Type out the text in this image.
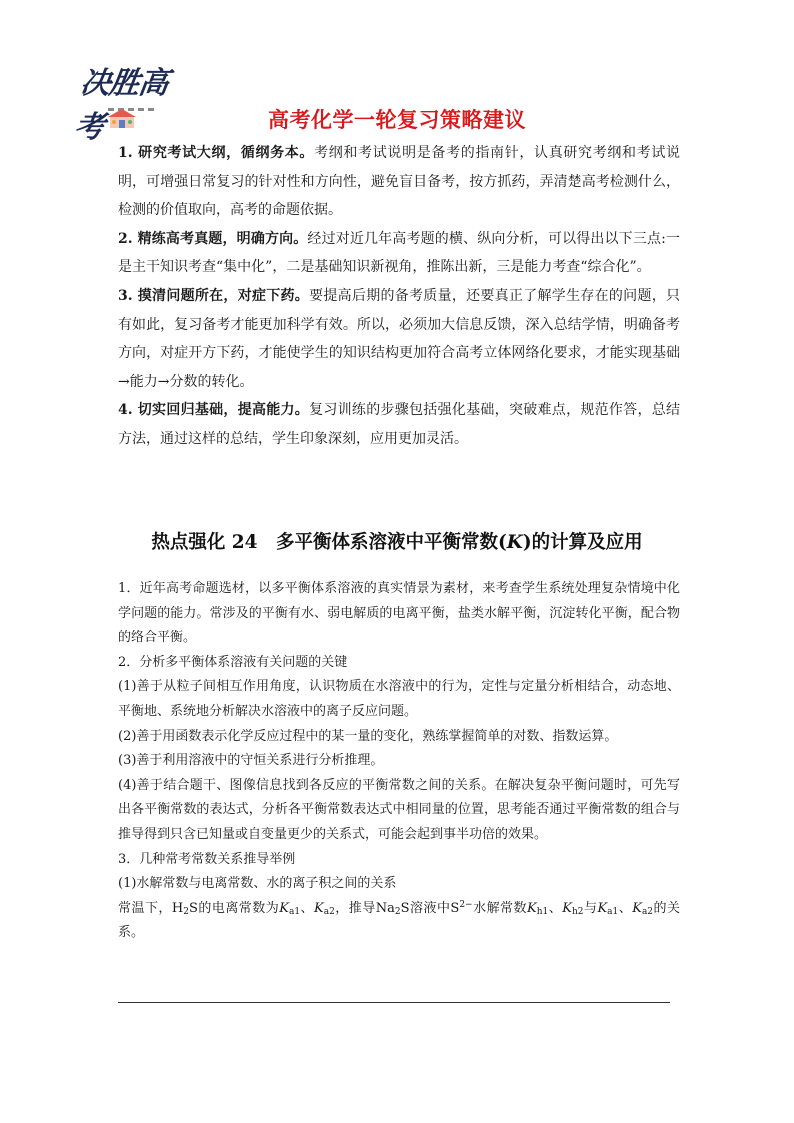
决胜高考	高考化学一轮复习策略建议
1. 研究考试大纲，循纲务本。考纲和考试说明是备考的指南针，认真研究考纲和考试说明，可增强日常复习的针对性和方向性，避免盲目备考，按方抓药，弄清楚高考检测什么，检测的价值取向，高考的命题依据。
2. 精练高考真题，明确方向。经过对近几年高考题的横、纵向分析，可以得出以下三点:一是主干知识考查“集中化”，二是基础知识新视角，推陈出新，三是能力考查“综合化”。
3. 摸清问题所在，对症下药。要提高后期的备考质量，还要真正了解学生存在的问题，只有如此，复习备考才能更加科学有效。所以，必须加大信息反馈，深入总结学情，明确备考方向，对症开方下药，才能使学生的知识结构更加符合高考立体网络化要求，才能实现基础→能力→分数的转化。
4. 切实回归基础，提高能力。复习训练的步骤包括强化基础，突破难点，规范作答，总结方法，通过这样的总结，学生印象深刻，应用更加灵活。
热点强化 24　多平衡体系溶液中平衡常数(K)的计算及应用

1．近年高考命题选材，以多平衡体系溶液的真实情景为素材，来考查学生系统处理复杂情境中化学问题的能力。常涉及的平衡有水、弱电解质的电离平衡，盐类水解平衡，沉淀转化平衡，配合物的络合平衡。

2．分析多平衡体系溶液有关问题的关键

(1)善于从粒子间相互作用角度，认识物质在水溶液中的行为，定性与定量分析相结合，动态地、平衡地、系统地分析解决水溶液中的离子反应问题。

(2)善于用函数表示化学反应过程中的某一量的变化，熟练掌握简单的对数、指数运算。

(3)善于利用溶液中的守恒关系进行分析推理。

(4)善于结合题干、图像信息找到各反应的平衡常数之间的关系。在解决复杂平衡问题时，可先写出各平衡常数的表达式，分析各平衡常数表达式中相同量的位置，思考能否通过平衡常数的组合与推导得到只含已知量或自变量更少的关系式，可能会起到事半功倍的效果。

3．几种常考常数关系推导举例

(1)水解常数与电离常数、水的离子积之间的关系

常温下，$H_2S$的电离常数为$K_{a1}$、$K_{a2}$，推导$Na_2S$溶液中$S^{2-}$水解常数$K_{h1}$、$K_{h2}$与$K_{a1}$、$K_{a2}$的关系。
